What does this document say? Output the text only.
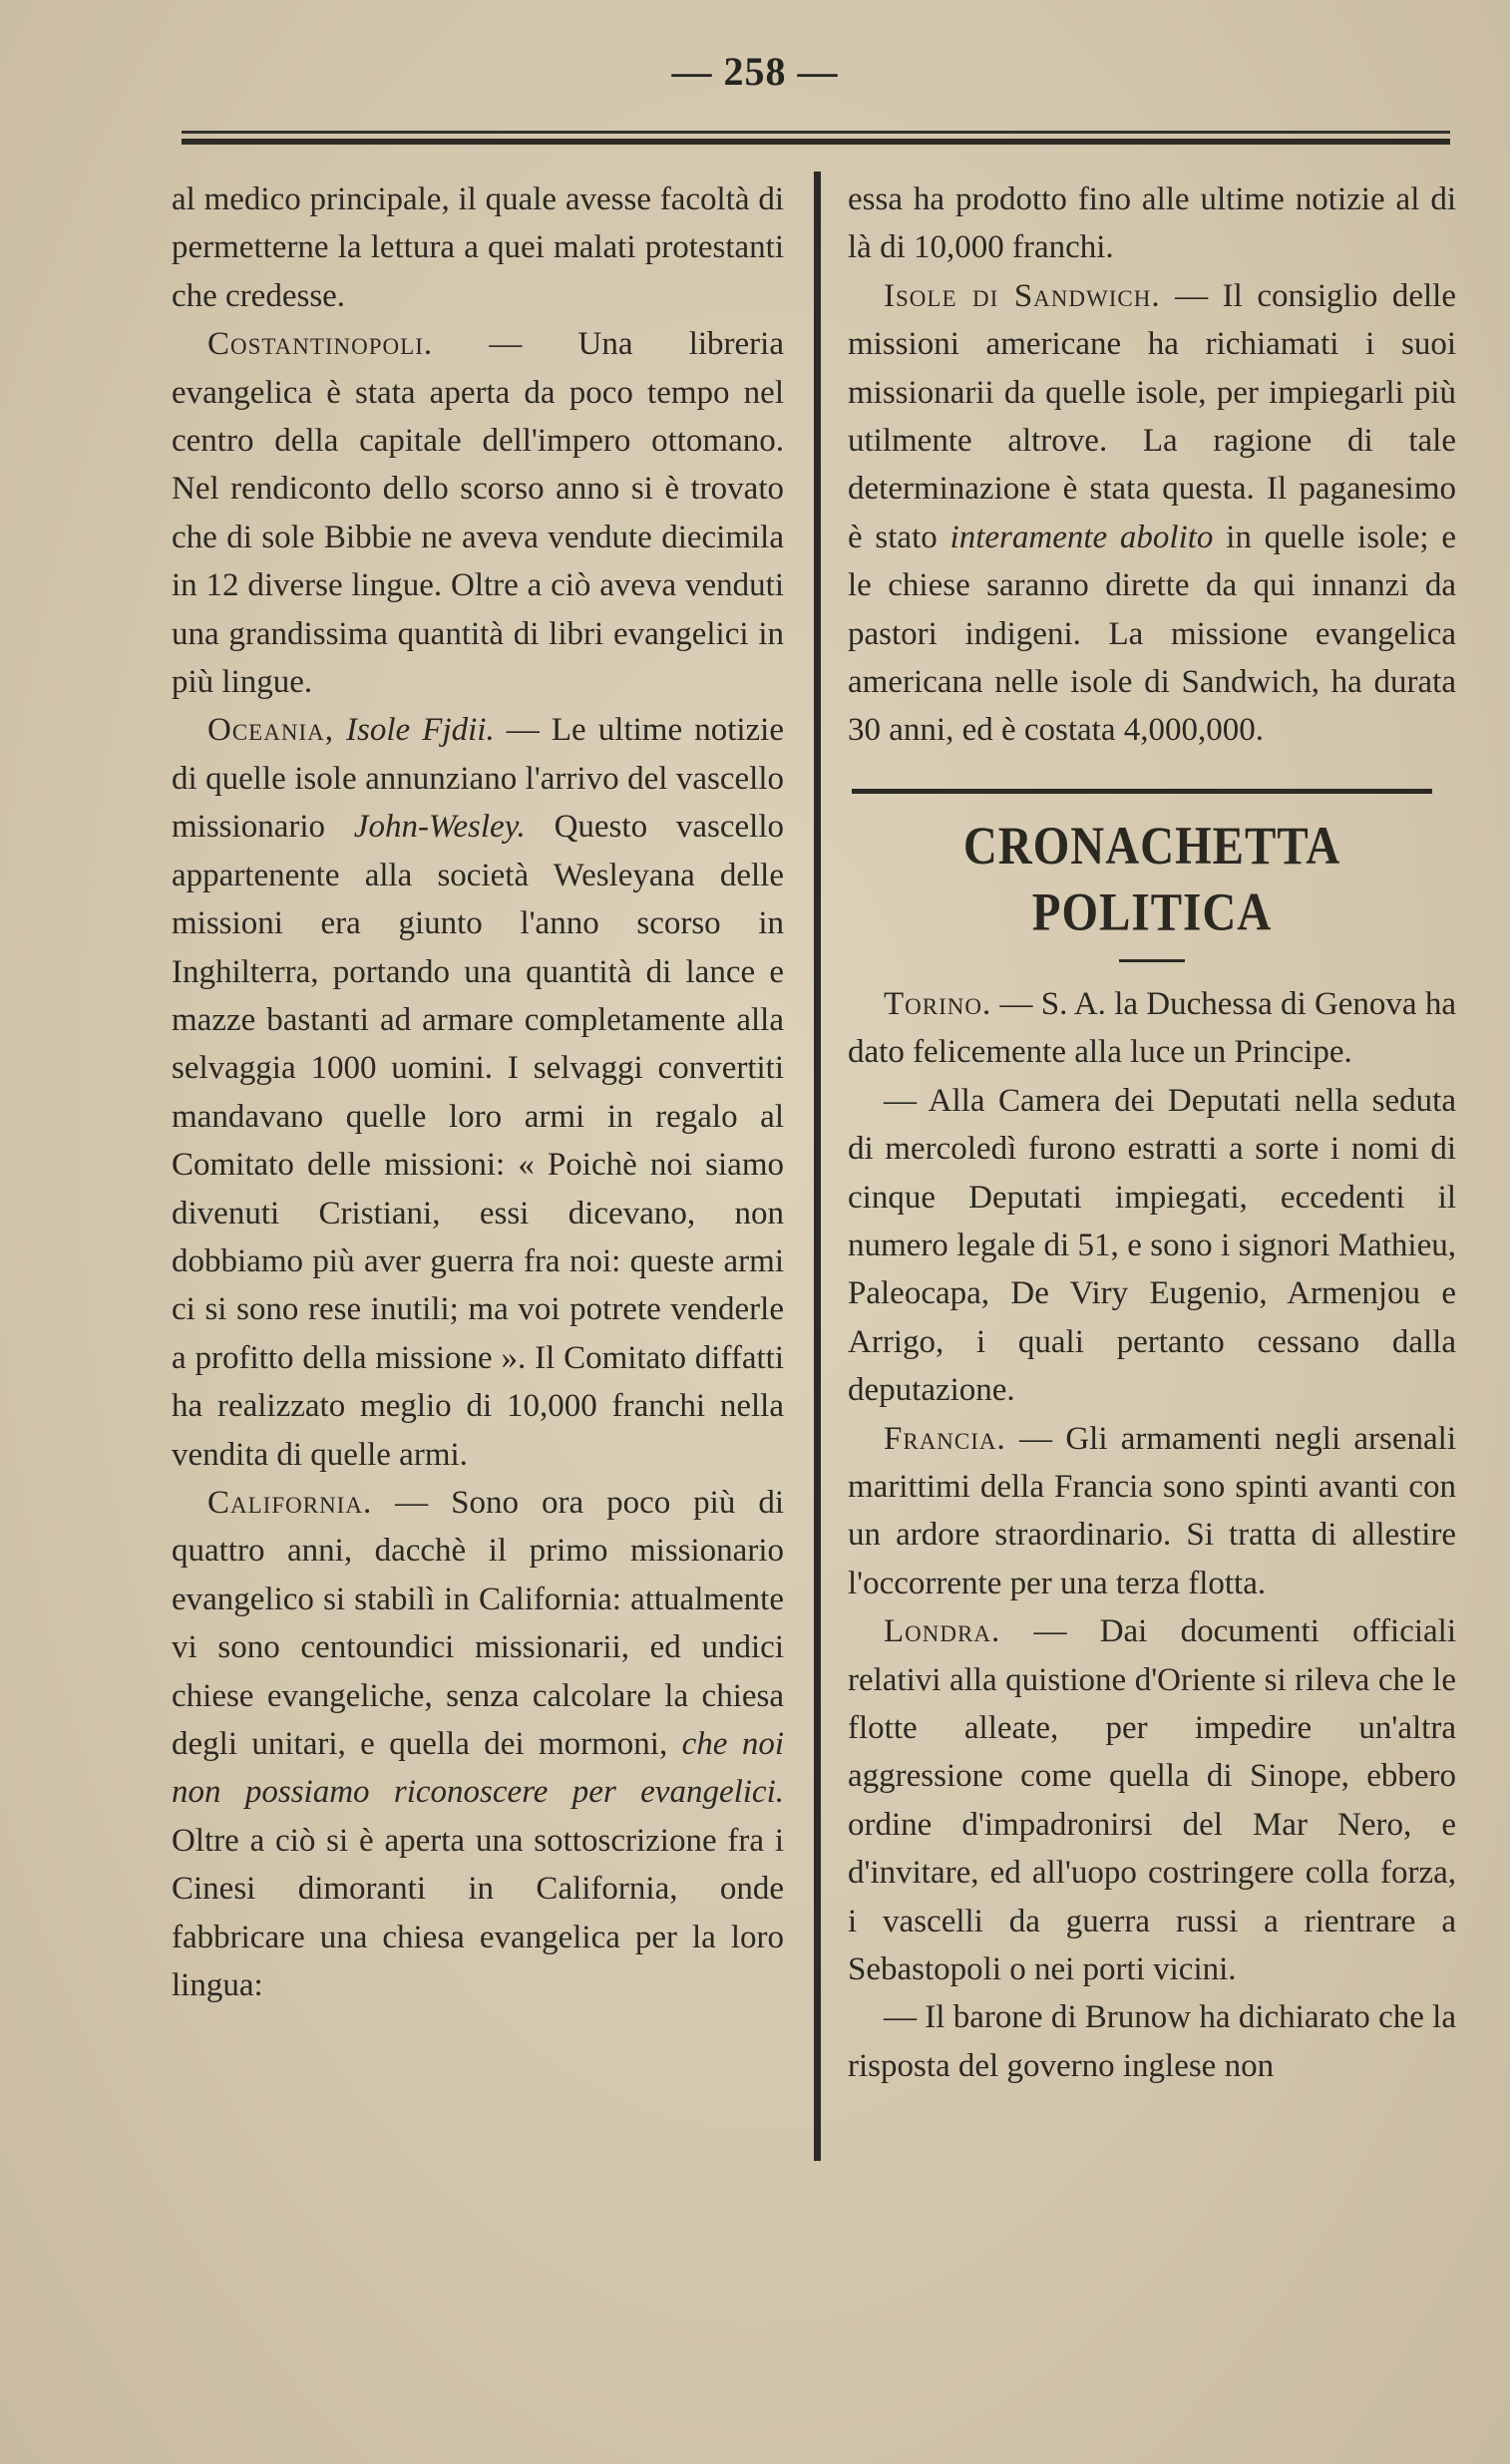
— 258 —

al medico principale, il quale avesse facoltà di permetterne la lettura a quei malati protestanti che credesse.

Costantinopoli. — Una libreria evangelica è stata aperta da poco tempo nel centro della capitale dell'impero ottomano. Nel rendiconto dello scorso anno si è trovato che di sole Bibbie ne aveva vendute diecimila in 12 diverse lingue. Oltre a ciò aveva venduti una grandissima quantità di libri evangelici in più lingue.

Oceania, Isole Fjdii. — Le ultime notizie di quelle isole annunziano l'arrivo del vascello missionario John-Wesley. Questo vascello appartenente alla società Wesleyana delle missioni era giunto l'anno scorso in Inghilterra, portando una quantità di lance e mazze bastanti ad armare completamente alla selvaggia 1000 uomini. I selvaggi convertiti mandavano quelle loro armi in regalo al Comitato delle missioni: « Poichè noi siamo divenuti Cristiani, essi dicevano, non dobbiamo più aver guerra fra noi: queste armi ci si sono rese inutili; ma voi potrete venderle a profitto della missione ». Il Comitato diffatti ha realizzato meglio di 10,000 franchi nella vendita di quelle armi.

California. — Sono ora poco più di quattro anni, dacchè il primo missionario evangelico si stabilì in California: attualmente vi sono centoundici missionarii, ed undici chiese evangeliche, senza calcolare la chiesa degli unitari, e quella dei mormoni, che noi non possiamo riconoscere per evangelici. Oltre a ciò si è aperta una sottoscrizione fra i Cinesi dimoranti in California, onde fabbricare una chiesa evangelica per la loro lingua:

essa ha prodotto fino alle ultime notizie al di là di 10,000 franchi.

Isole di Sandwich. — Il consiglio delle missioni americane ha richiamati i suoi missionarii da quelle isole, per impiegarli più utilmente altrove. La ragione di tale determinazione è stata questa. Il paganesimo è stato interamente abolito in quelle isole; e le chiese saranno dirette da qui innanzi da pastori indigeni. La missione evangelica americana nelle isole di Sandwich, ha durata 30 anni, ed è costata 4,000,000.

CRONACHETTA POLITICA

Torino. — S. A. la Duchessa di Genova ha dato felicemente alla luce un Principe.

— Alla Camera dei Deputati nella seduta di mercoledì furono estratti a sorte i nomi di cinque Deputati impiegati, eccedenti il numero legale di 51, e sono i signori Mathieu, Paleocapa, De Viry Eugenio, Armenjou e Arrigo, i quali pertanto cessano dalla deputazione.

Francia. — Gli armamenti negli arsenali marittimi della Francia sono spinti avanti con un ardore straordinario. Si tratta di allestire l'occorrente per una terza flotta.

Londra. — Dai documenti officiali relativi alla quistione d'Oriente si rileva che le flotte alleate, per impedire un'altra aggressione come quella di Sinope, ebbero ordine d'impadronirsi del Mar Nero, e d'invitare, ed all'uopo costringere colla forza, i vascelli da guerra russi a rientrare a Sebastopoli o nei porti vicini.

— Il barone di Brunow ha dichiarato che la risposta del governo inglese non
